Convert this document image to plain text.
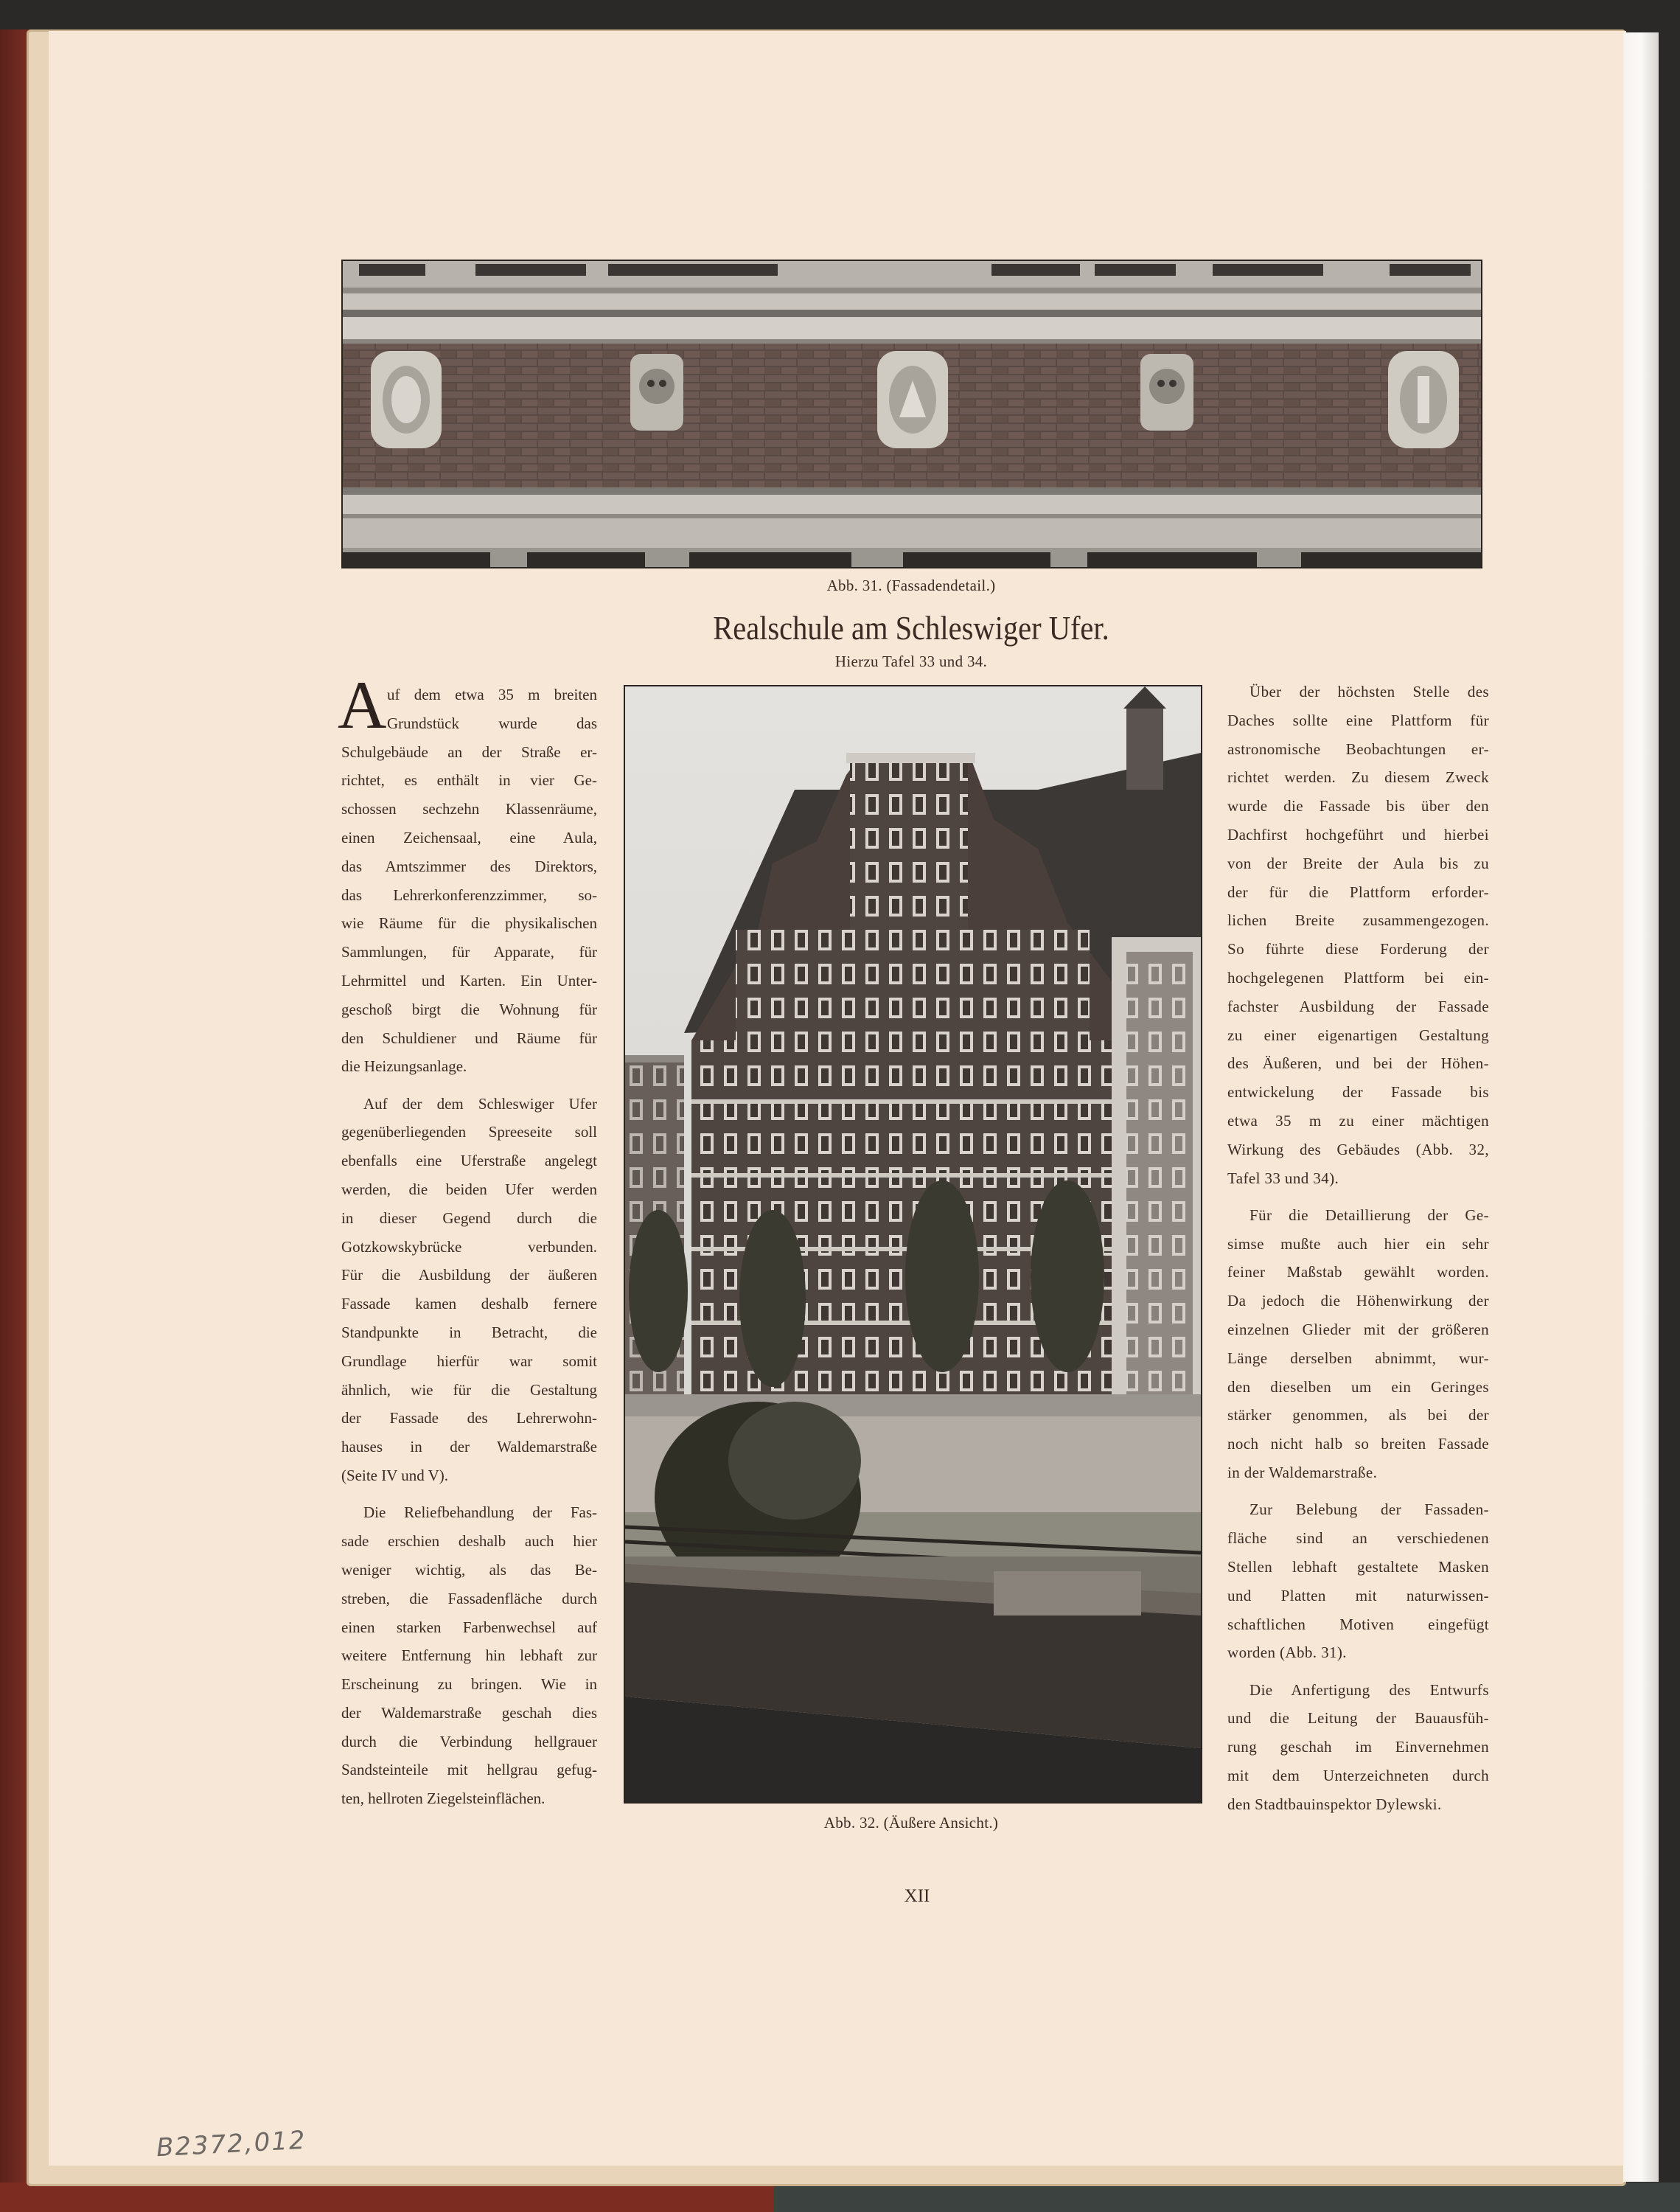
Abb. 31. (Fassadendetail.)
Realschule am Schleswiger Ufer.
Hierzu Tafel 33 und 34.
Abb. 32. (Äußere Ansicht.)
A uf dem etwa 35 m breiten
Grundstück wurde das
Schulgebäude an der Straße er-
richtet, es enthält in vier Ge-
schossen sechzehn Klassenräume,
einen Zeichensaal, eine Aula,
das Amtszimmer des Direktors,
das Lehrerkonferenzzimmer, so-
wie Räume für die physikalischen
Sammlungen, für Apparate, für
Lehrmittel und Karten. Ein Unter-
geschoß birgt die Wohnung für
den Schuldiener und Räume für
die Heizungsanlage.
Auf der dem Schleswiger Ufer
gegenüberliegenden Spreeseite soll
ebenfalls eine Uferstraße angelegt
werden, die beiden Ufer werden
in dieser Gegend durch die
Gotzkowskybrücke verbunden.
Für die Ausbildung der äußeren
Fassade kamen deshalb fernere
Standpunkte in Betracht, die
Grundlage hierfür war somit
ähnlich, wie für die Gestaltung
der Fassade des Lehrerwohn-
hauses in der Waldemarstraße
(Seite IV und V).
Die Reliefbehandlung der Fas-
sade erschien deshalb auch hier
weniger wichtig, als das Be-
streben, die Fassadenfläche durch
einen starken Farbenwechsel auf
weitere Entfernung hin lebhaft zur
Erscheinung zu bringen. Wie in
der Waldemarstraße geschah dies
durch die Verbindung hellgrauer
Sandsteinteile mit hellgrau gefug-
ten, hellroten Ziegelsteinflächen.
Über der höchsten Stelle des
Daches sollte eine Plattform für
astronomische Beobachtungen er-
richtet werden. Zu diesem Zweck
wurde die Fassade bis über den
Dachfirst hochgeführt und hierbei
von der Breite der Aula bis zu
der für die Plattform erforder-
lichen Breite zusammengezogen.
So führte diese Forderung der
hochgelegenen Plattform bei ein-
fachster Ausbildung der Fassade
zu einer eigenartigen Gestaltung
des Äußeren, und bei der Höhen-
entwickelung der Fassade bis
etwa 35 m zu einer mächtigen
Wirkung des Gebäudes (Abb. 32,
Tafel 33 und 34).
Für die Detaillierung der Ge-
simse mußte auch hier ein sehr
feiner Maßstab gewählt worden.
Da jedoch die Höhenwirkung der
einzelnen Glieder mit der größeren
Länge derselben abnimmt, wur-
den dieselben um ein Geringes
stärker genommen, als bei der
noch nicht halb so breiten Fassade
in der Waldemarstraße.
Zur Belebung der Fassaden-
fläche sind an verschiedenen
Stellen lebhaft gestaltete Masken
und Platten mit naturwissen-
schaftlichen Motiven eingefügt
worden (Abb. 31).
Die Anfertigung des Entwurfs
und die Leitung der Bauausfüh-
rung geschah im Einvernehmen
mit dem Unterzeichneten durch
den Stadtbauinspektor Dylewski.
XII
B2372,012
